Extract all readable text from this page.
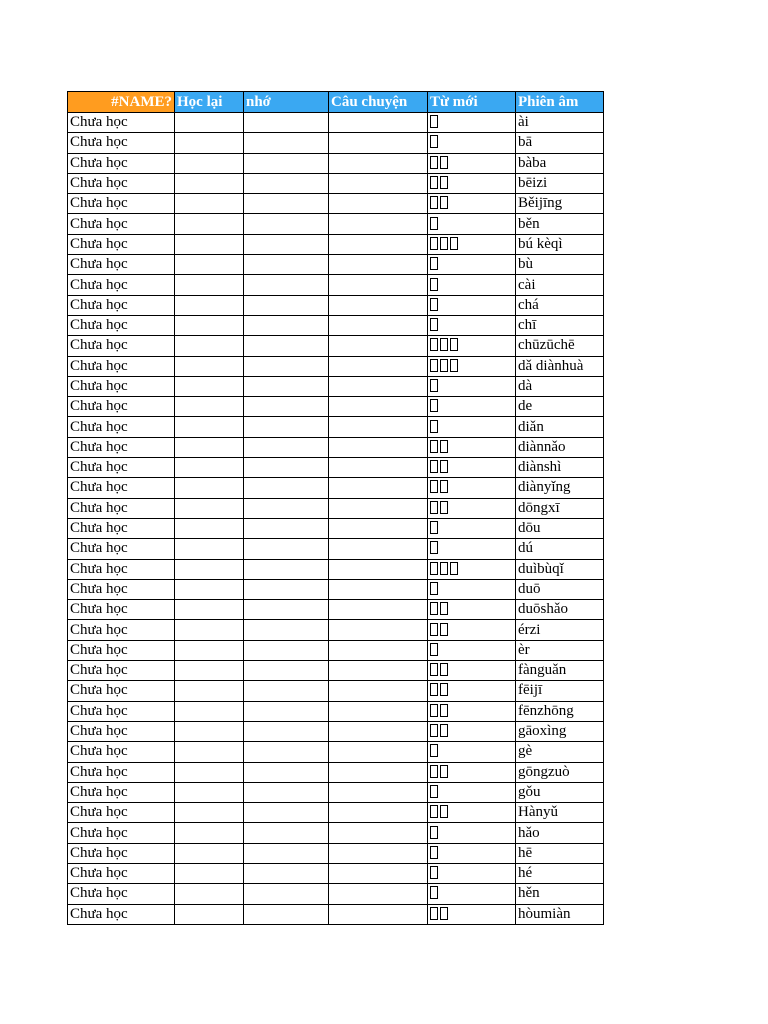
#NAME?	Học lại	nhớ	Câu chuyện	Từ mới	Phiên âm
Chưa học					ài
Chưa học					bā
Chưa học					bàba
Chưa học					bēizi
Chưa học					Běijīng
Chưa học					běn
Chưa học					bú kèqì
Chưa học					bù
Chưa học					cài
Chưa học					chá
Chưa học					chī
Chưa học					chūzūchē
Chưa học					dǎ diànhuà
Chưa học					dà
Chưa học					de
Chưa học					diǎn
Chưa học					diànnǎo
Chưa học					diànshì
Chưa học					diànyǐng
Chưa học					dōngxī
Chưa học					dōu
Chưa học					dú
Chưa học					duìbùqǐ
Chưa học					duō
Chưa học					duōshǎo
Chưa học					érzi
Chưa học					èr
Chưa học					fànguǎn
Chưa học					fēijī
Chưa học					fēnzhōng
Chưa học					gāoxìng
Chưa học					gè
Chưa học					gōngzuò
Chưa học					gǒu
Chưa học					Hànyǔ
Chưa học					hǎo
Chưa học					hē
Chưa học					hé
Chưa học					hěn
Chưa học					hòumiàn
